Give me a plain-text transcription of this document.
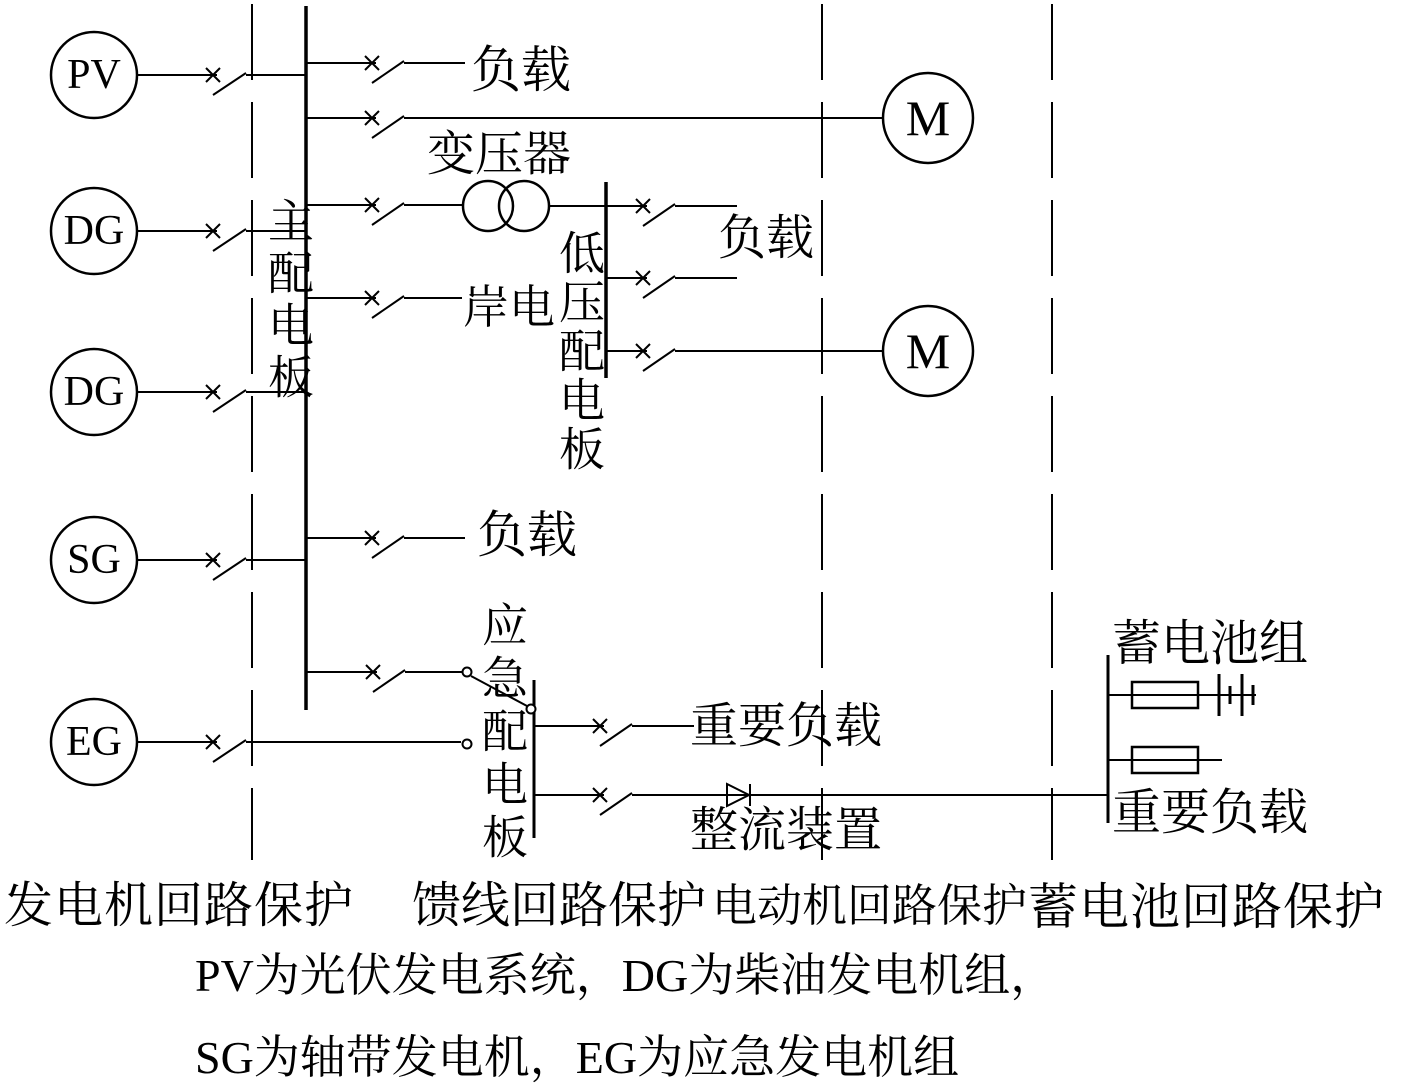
PV
DG
DG
SG
EG
M
M
负载
变压器
负载
岸电
负载
重要负载
整流装置
蓄电池组
重要负载
主配电板	低压配电板
应急配电板
发电机回路保护 馈线回路保护 电动机回路保护 蓄电池回路保护
PV为光伏发电系统，DG为柴油发电机组，
SG为轴带发电机，EG为应急发电机组
